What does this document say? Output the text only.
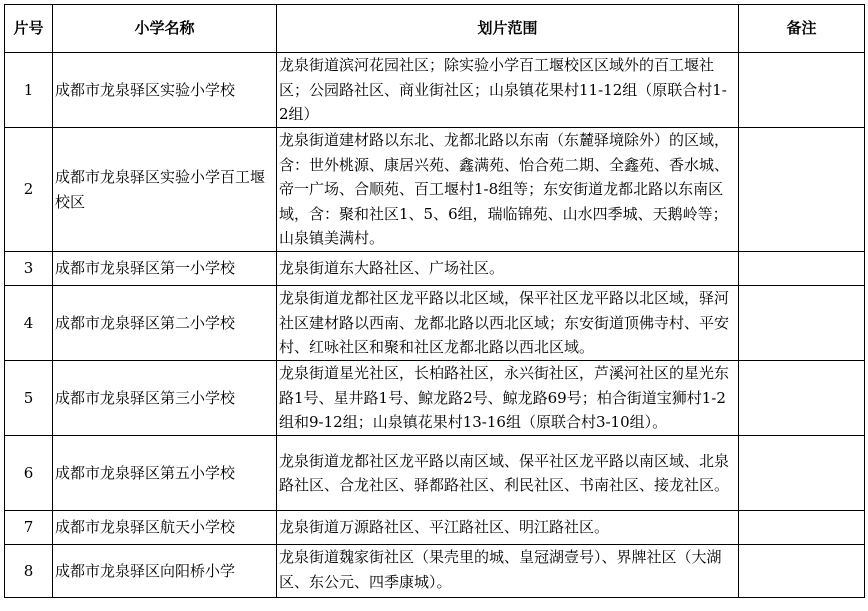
片号	小学名称	划片范围	备注
1	成都市龙泉驿区实验小学校	龙泉街道滨河花园社区；除实验小学百工堰校区区域外的百工堰社区；公园路社区、商业街社区；山泉镇花果村11-12组（原联合村1-2组）	
2	成都市龙泉驿区实验小学百工堰校区	龙泉街道建材路以东北、龙都北路以东南（东麓驿境除外）的区域，含：世外桃源、康居兴苑、鑫满苑、怡合苑二期、全鑫苑、香水城、帝一广场、合顺苑、百工堰村1-8组等；东安街道龙都北路以东南区域，含：聚和社区1、5、6组，瑞临锦苑、山水四季城、天鹅岭等；山泉镇美满村。	
3	成都市龙泉驿区第一小学校	龙泉街道东大路社区、广场社区。	
4	成都市龙泉驿区第二小学校	龙泉街道龙都社区龙平路以北区域，保平社区龙平路以北区域，驿河社区建材路以西南、龙都北路以西北区域；东安街道顶佛寺村、平安村、红咏社区和聚和社区龙都北路以西北区域。	
5	成都市龙泉驿区第三小学校	龙泉街道星光社区，长柏路社区，永兴街社区，芦溪河社区的星光东路1号、星井路1号、鲸龙路2号、鲸龙路69号；柏合街道宝狮村1-2组和9-12组；山泉镇花果村13-16组（原联合村3-10组）。	
6	成都市龙泉驿区第五小学校	龙泉街道龙都社区龙平路以南区域、保平社区龙平路以南区域、北泉路社区、合龙社区、驿都路社区、利民社区、书南社区、接龙社区。	
7	成都市龙泉驿区航天小学校	龙泉街道万源路社区、平江路社区、明江路社区。	
8	成都市龙泉驿区向阳桥小学	龙泉街道魏家街社区（果壳里的城、皇冠湖壹号）、界牌社区（大湖区、东公元、四季康城）。	
